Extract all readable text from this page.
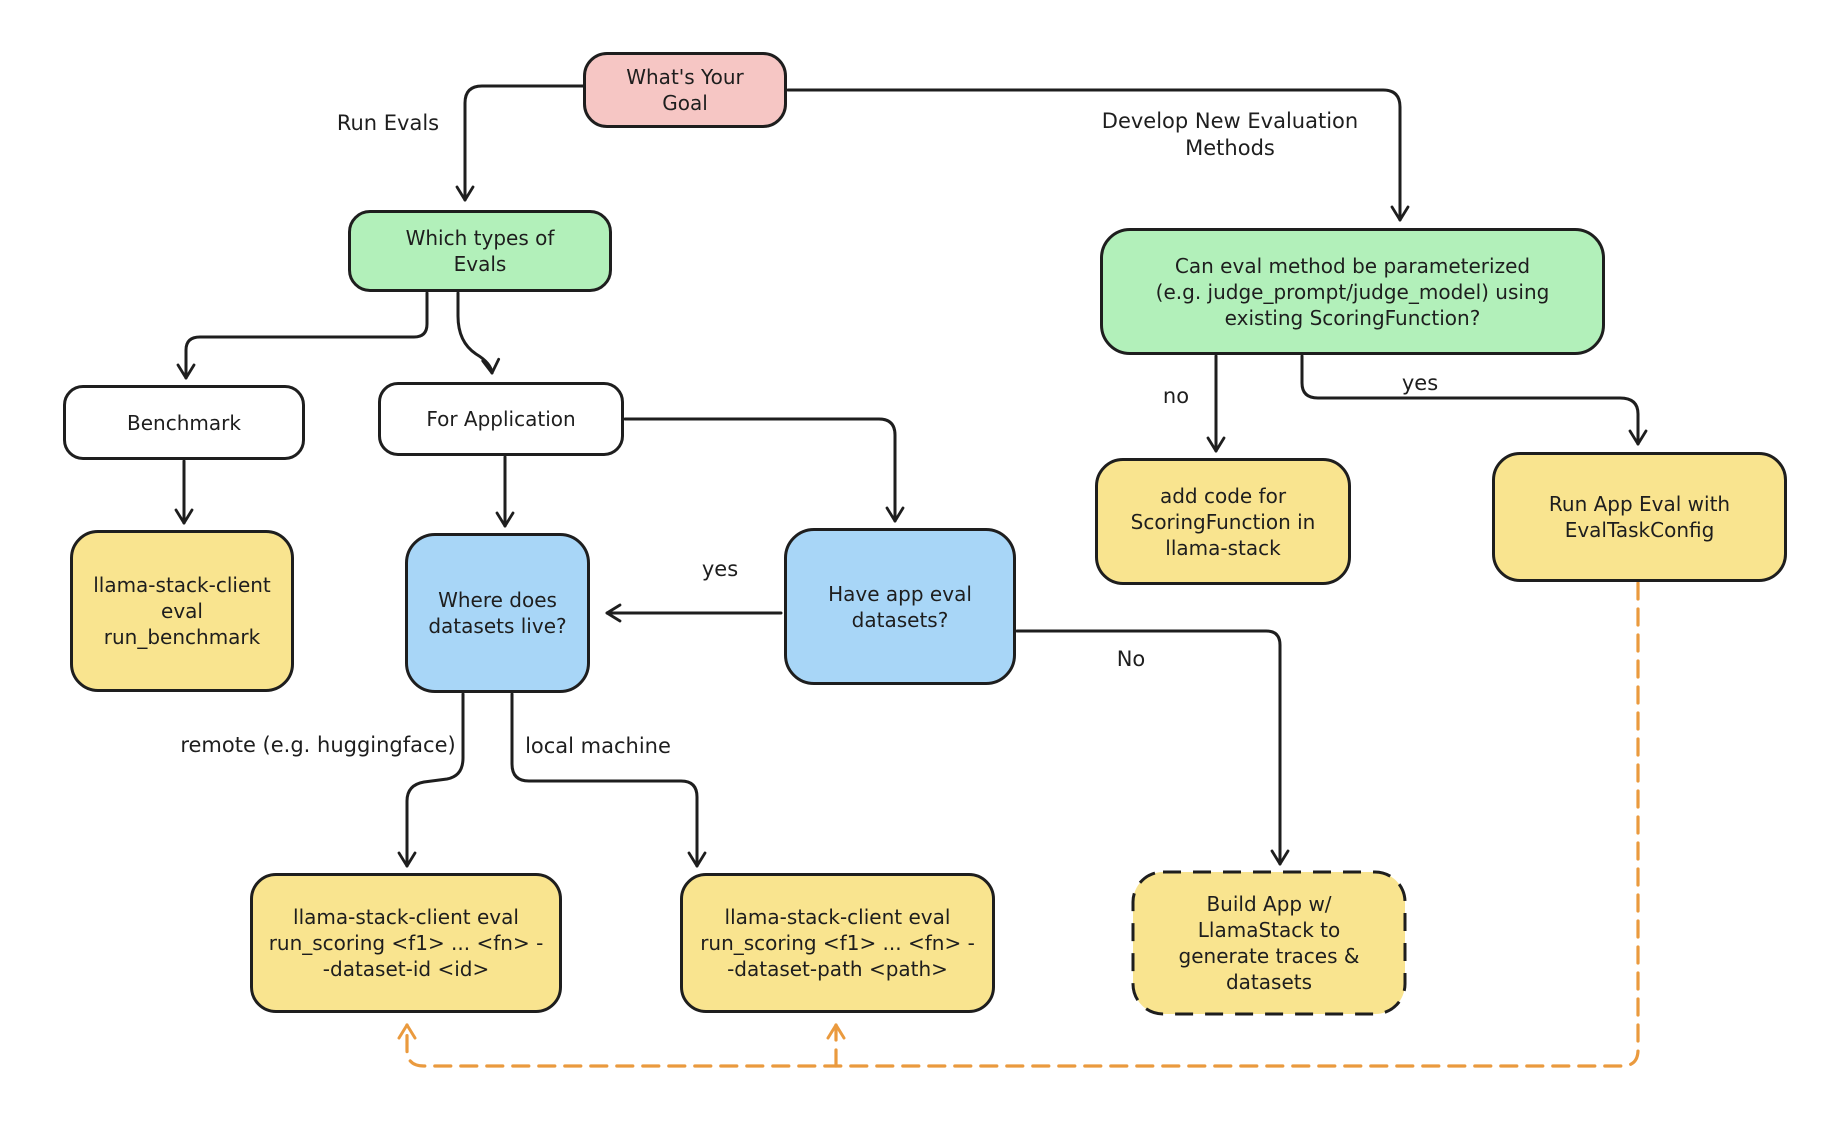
What's Your Goal
Which types of Evals	Can eval method be parameterized (e.g. judge_prompt/judge_model) using existing ScoringFunction?
Benchmark	For Application
add code for ScoringFunction in llama-stack
Run App Eval with EvalTaskConfig
llama-stack-client eval run_benchmark
Where does datasets live?
Have app eval datasets?
llama-stack-client eval run_scoring <f1> ... <fn> --dataset-id <id>
llama-stack-client eval run_scoring <f1> ... <fn> --dataset-path <path>
Build App w/ LlamaStack to generate traces & datasets
Run Evals	Develop New Evaluation Methods
no
yes
yes
No
remote (e.g. huggingface)	local machine
